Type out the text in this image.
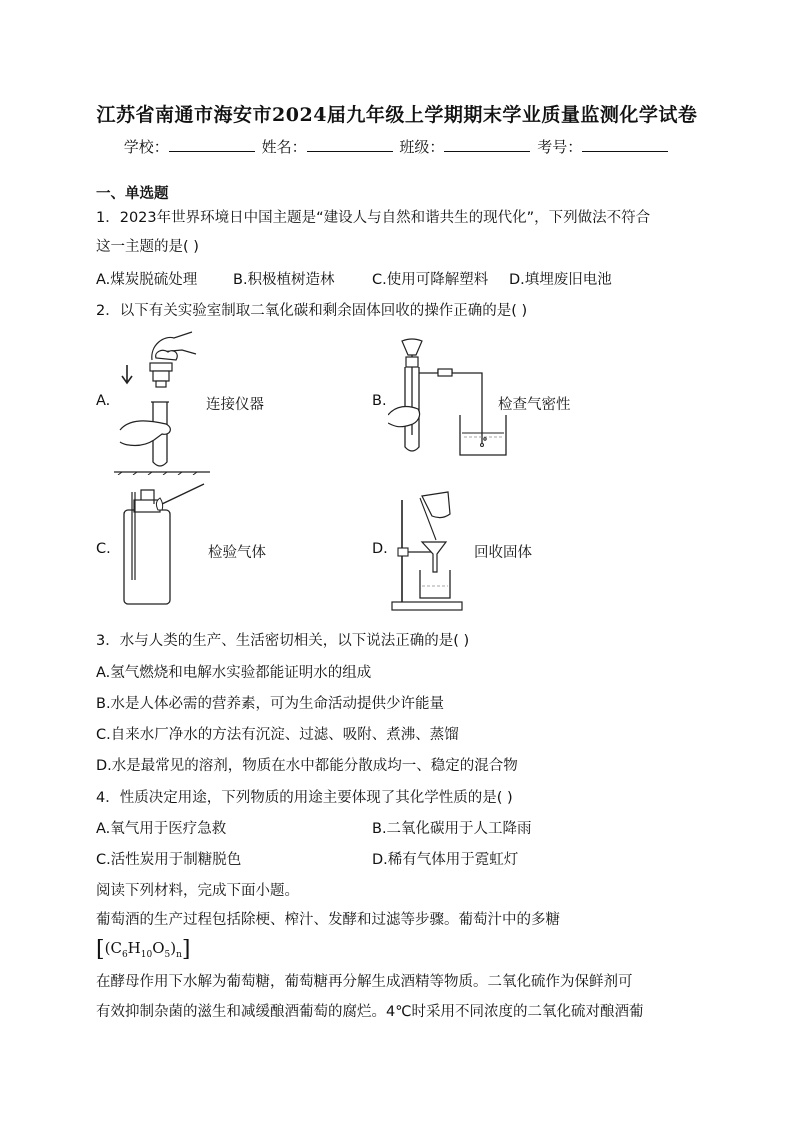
江苏省南通市海安市2024届九年级上学期期末学业质量监测化学试卷
学校：	姓名：	班级：	考号：
一、单选题
1．2023年世界环境日中国主题是“建设人与自然和谐共生的现代化”，下列做法不符合
这一主题的是( )
A.煤炭脱硫处理 B.积极植树造林	C.使用可降解塑料 D.填埋废旧电池
2．以下有关实验室制取二氧化碳和剩余固体回收的操作正确的是( )
A.	连接仪器	B.	检查气密性
C.	检验气体	D.	回收固体
3．水与人类的生产、生活密切相关，以下说法正确的是( )
A.氢气燃烧和电解水实验都能证明水的组成
B.水是人体必需的营养素，可为生命活动提供少许能量
C.自来水厂净水的方法有沉淀、过滤、吸附、煮沸、蒸馏
D.水是最常见的溶剂，物质在水中都能分散成均一、稳定的混合物
4．性质决定用途，下列物质的用途主要体现了其化学性质的是( )
A.氧气用于医疗急救	B.二氧化碳用于人工降雨
C.活性炭用于制糖脱色	D.稀有气体用于霓虹灯
阅读下列材料，完成下面小题。
葡萄酒的生产过程包括除梗、榨汁、发酵和过滤等步骤。葡萄汁中的多糖
$[(C_6H_{10}O_5)_n]$
在酵母作用下水解为葡萄糖，葡萄糖再分解生成酒精等物质。二氧化硫作为保鲜剂可
有效抑制杂菌的滋生和减缓酿酒葡萄的腐烂。4℃时采用不同浓度的二氧化硫对酿酒葡
